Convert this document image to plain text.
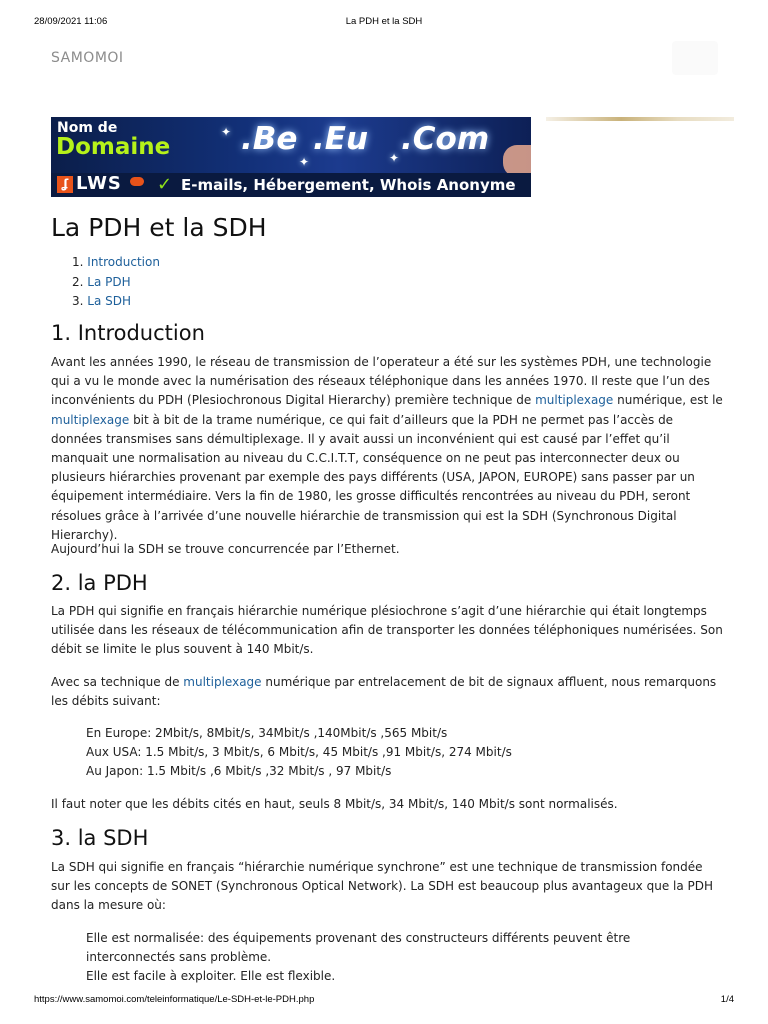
28/09/2021 11:06	La PDH et la SDH
SAMOMOI
Nom de
Domaine
✦
✦	✦
.Be .Eu .Com
ʆ LWS ✓ E-mails, Hébergement, Whois Anonyme
La PDH et la SDH
1. Introduction
2. La PDH
3. La SDH
1. Introduction

Avant les années 1990, le réseau de transmission de l’operateur a été sur les systèmes PDH, une technologie qui a vu le monde avec la numérisation des réseaux téléphonique dans les années 1970. Il reste que l’un des inconvénients du PDH (Plesiochronous Digital Hierarchy) première technique de multiplexage numérique, est le multiplexage bit à bit de la trame numérique, ce qui fait d’ailleurs que la PDH ne permet pas l’accès de données transmises sans démultiplexage. Il y avait aussi un inconvénient qui est causé par l’effet qu’il manquait une normalisation au niveau du C.C.I.T.T, conséquence on ne peut pas interconnecter deux ou plusieurs hiérarchies provenant par exemple des pays différents (USA, JAPON, EUROPE) sans passer par un équipement intermédiaire. Vers la fin de 1980, les grosse difficultés rencontrées au niveau du PDH, seront résolues grâce à l’arrivée d’une nouvelle hiérarchie de transmission qui est la SDH (Synchronous Digital Hierarchy).

Aujourd’hui la SDH se trouve concurrencée par l’Ethernet.

2. la PDH

La PDH qui signifie en français hiérarchie numérique plésiochrone s’agit d’une hiérarchie qui était longtemps utilisée dans les réseaux de télécommunication afin de transporter les données téléphoniques numérisées. Son débit se limite le plus souvent à 140 Mbit/s.

Avec sa technique de multiplexage numérique par entrelacement de bit de signaux affluent, nous remarquons les débits suivant:

En Europe: 2Mbit/s, 8Mbit/s, 34Mbit/s ,140Mbit/s ,565 Mbit/s
Aux USA: 1.5 Mbit/s, 3 Mbit/s, 6 Mbit/s, 45 Mbit/s ,91 Mbit/s, 274 Mbit/s
Au Japon: 1.5 Mbit/s ,6 Mbit/s ,32 Mbit/s , 97 Mbit/s

Il faut noter que les débits cités en haut, seuls 8 Mbit/s, 34 Mbit/s, 140 Mbit/s sont normalisés.

3. la SDH

La SDH qui signifie en français “hiérarchie numérique synchrone” est une technique de transmission fondée sur les concepts de SONET (Synchronous Optical Network). La SDH est beaucoup plus avantageux que la PDH dans la mesure où:

Elle est normalisée: des équipements provenant des constructeurs différents peuvent être interconnectés sans problème.
Elle est facile à exploiter. Elle est flexible.
https://www.samomoi.com/teleinformatique/Le-SDH-et-le-PDH.php	1/4
